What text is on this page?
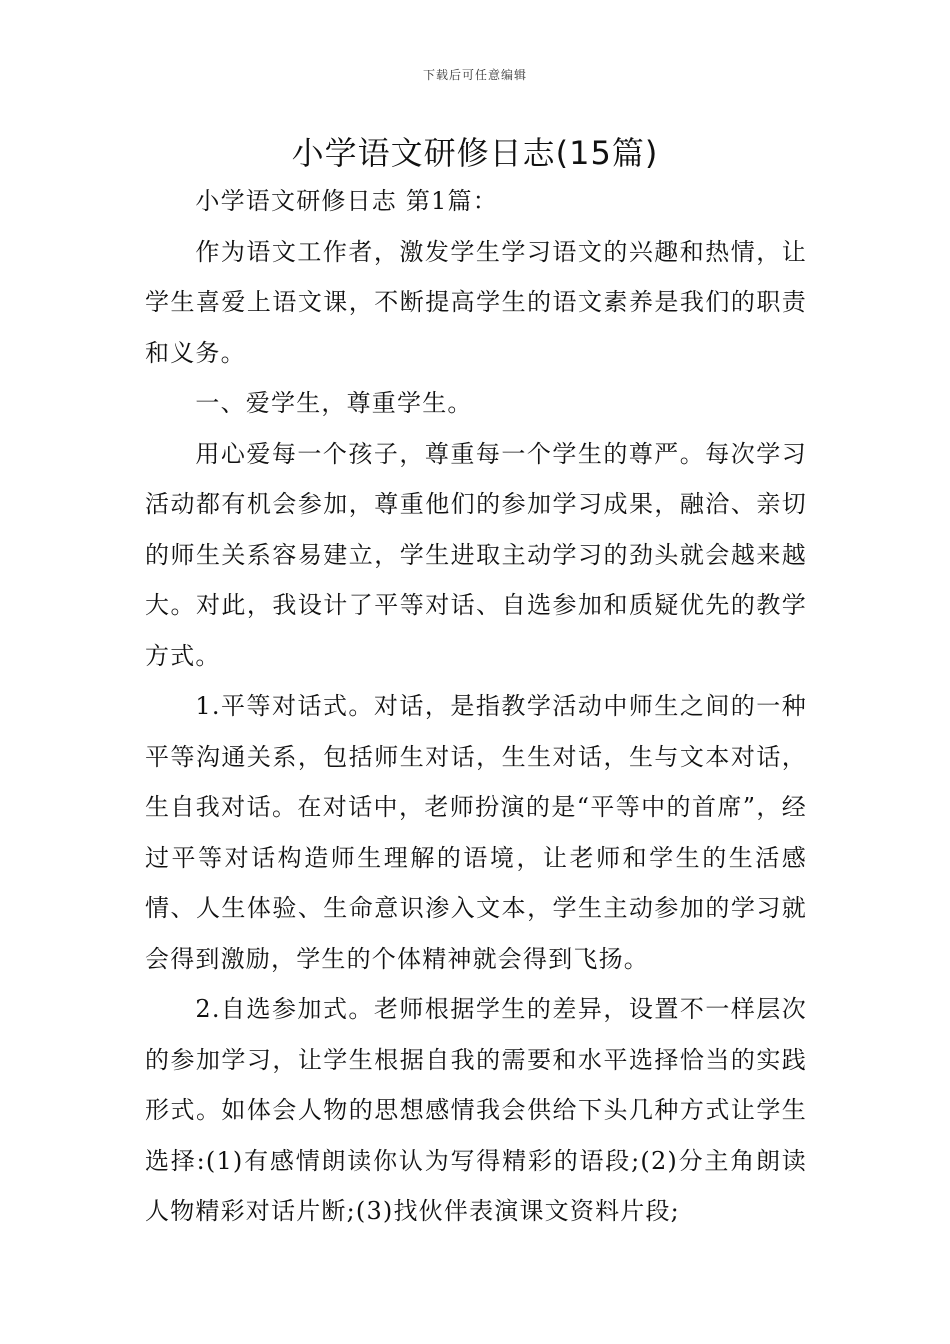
下载后可任意编辑
小学语文研修日志(15篇)

小学语文研修日志 第1篇：

作为语文工作者，激发学生学习语文的兴趣和热情，让学生喜爱上语文课，不断提高学生的语文素养是我们的职责和义务。

一、爱学生，尊重学生。

用心爱每一个孩子，尊重每一个学生的尊严。每次学习活动都有机会参加，尊重他们的参加学习成果，融洽、亲切的师生关系容易建立，学生进取主动学习的劲头就会越来越大。对此，我设计了平等对话、自选参加和质疑优先的教学方式。

1.平等对话式。对话，是指教学活动中师生之间的一种平等沟通关系，包括师生对话，生生对话，生与文本对话，生自我对话。在对话中，老师扮演的是“平等中的首席”，经过平等对话构造师生理解的语境，让老师和学生的生活感情、人生体验、生命意识渗入文本，学生主动参加的学习就会得到激励，学生的个体精神就会得到飞扬。

2.自选参加式。老师根据学生的差异，设置不一样层次的参加学习，让学生根据自我的需要和水平选择恰当的实践形式。如体会人物的思想感情我会供给下头几种方式让学生选择:(1)有感情朗读你认为写得精彩的语段;(2)分主角朗读人物精彩对话片断;(3)找伙伴表演课文资料片段;
